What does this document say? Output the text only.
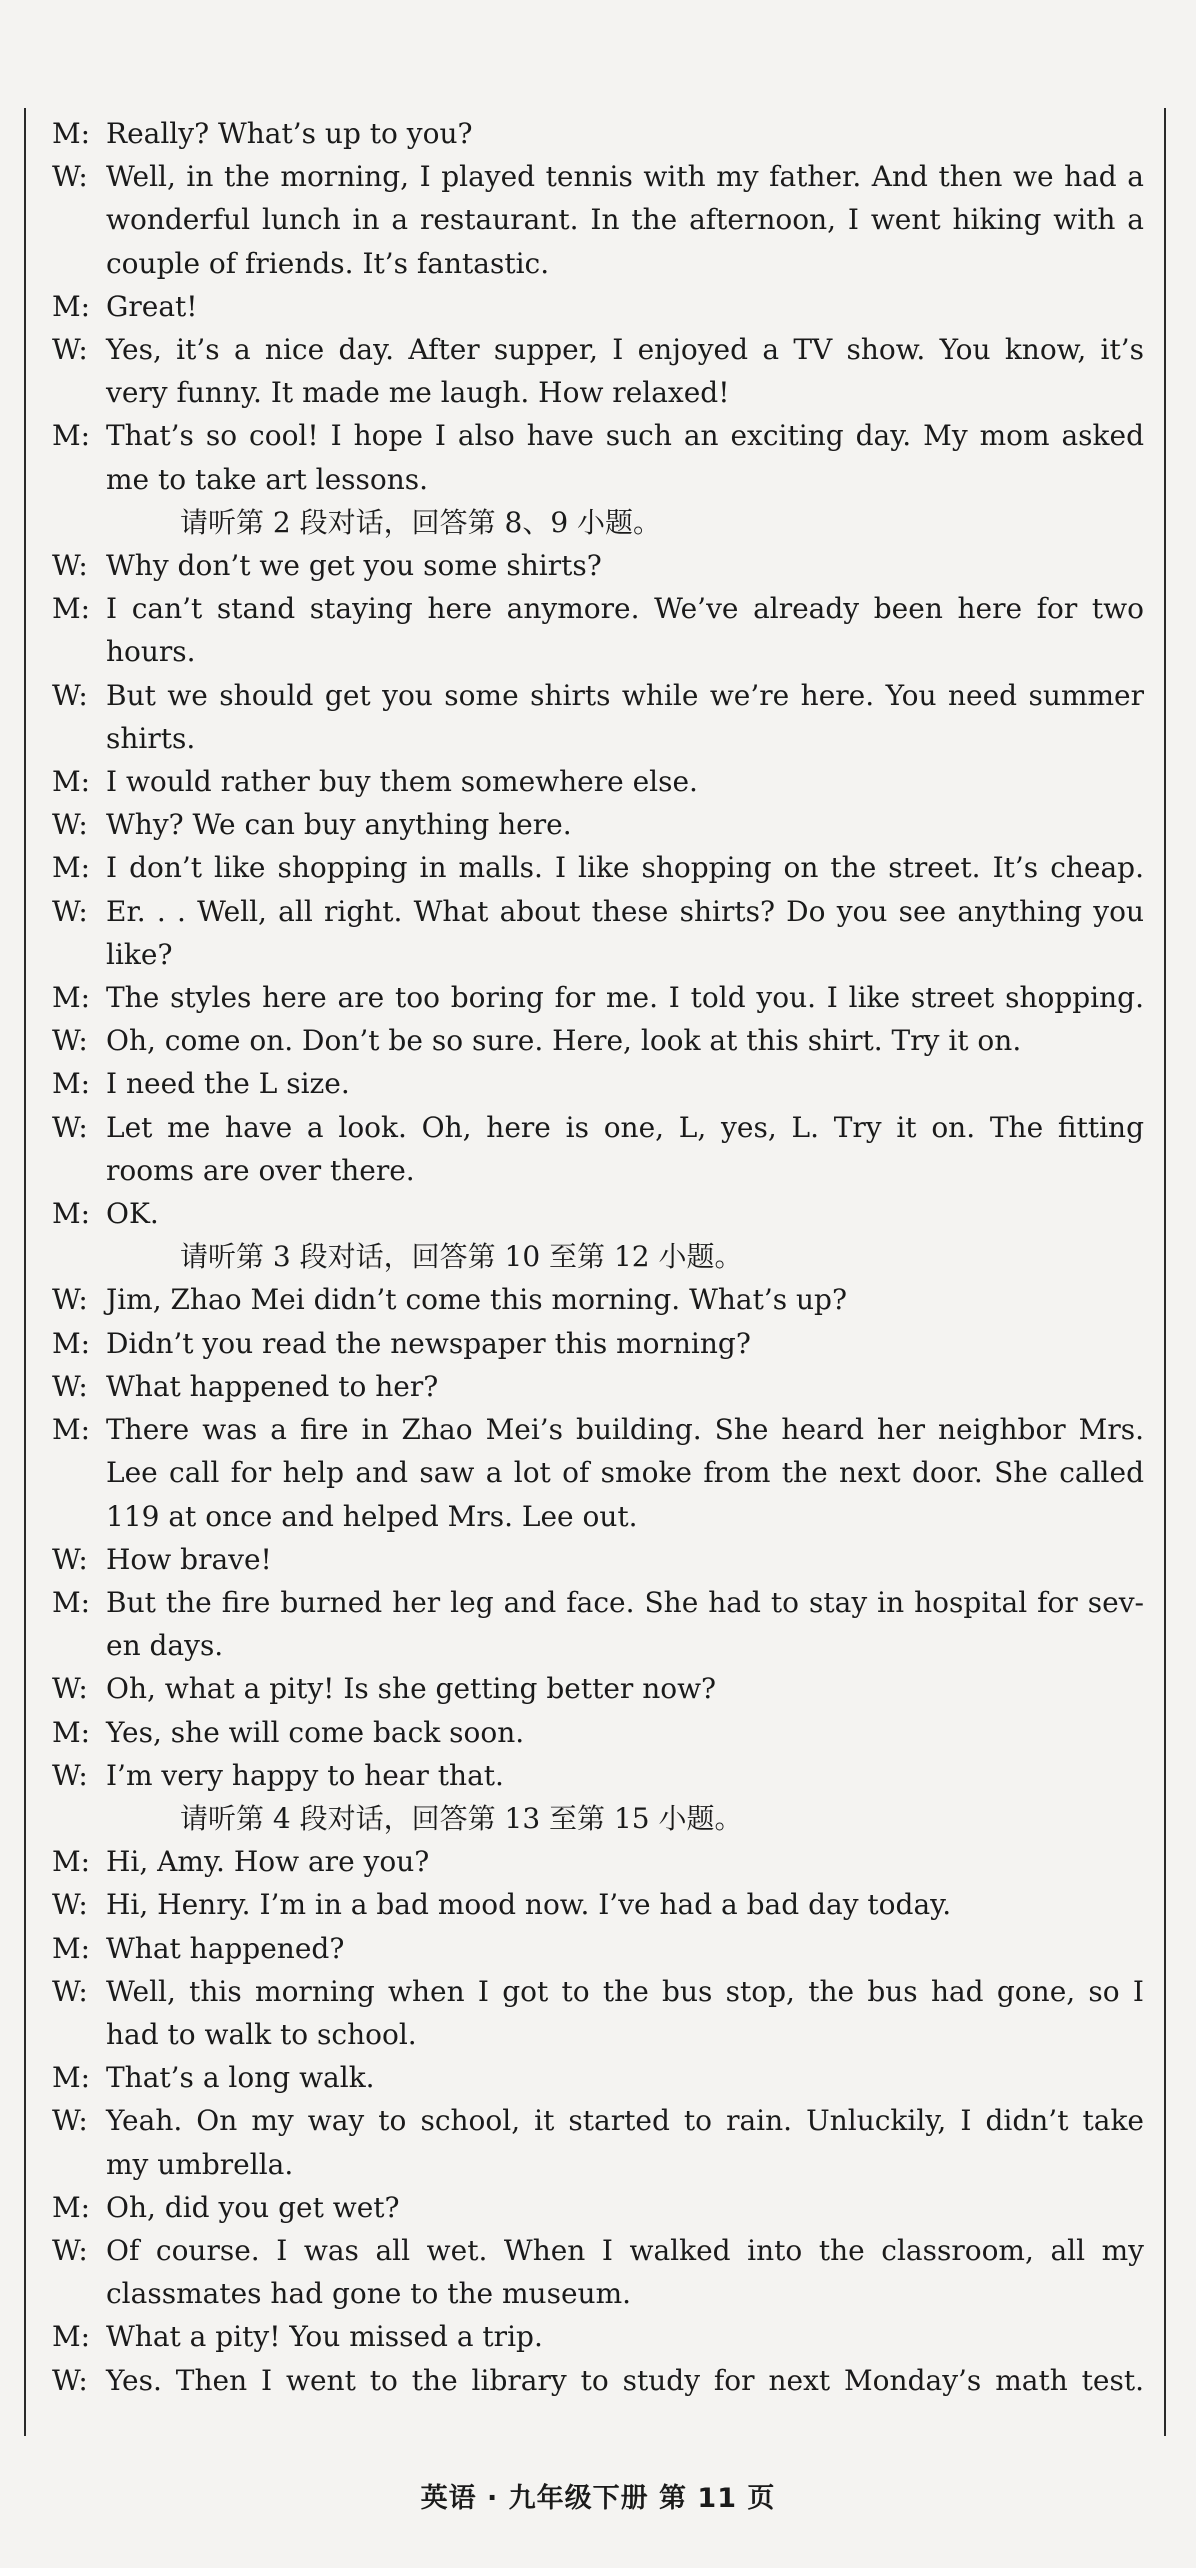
M: Really? What’s up to you?
W: Well, in the morning, I played tennis with my father. And then we had a
wonderful lunch in a restaurant. In the afternoon, I went hiking with a
couple of friends. It’s fantastic.
M: Great!
W: Yes, it’s a nice day. After supper, I enjoyed a TV show. You know, it’s
very funny. It made me laugh. How relaxed!
M: That’s so cool! I hope I also have such an exciting day. My mom asked
me to take art lessons.
请听第 2 段对话，回答第 8、9 小题。
W: Why don’t we get you some shirts?
M: I can’t stand staying here anymore. We’ve already been here for two
hours.
W: But we should get you some shirts while we’re here. You need summer
shirts.
M: I would rather buy them somewhere else.
W: Why? We can buy anything here.
M: I don’t like shopping in malls. I like shopping on the street. It’s cheap.
W: Er. . . Well, all right. What about these shirts? Do you see anything you
like?
M: The styles here are too boring for me. I told you. I like street shopping.
W: Oh, come on. Don’t be so sure. Here, look at this shirt. Try it on.
M: I need the L size.
W: Let me have a look. Oh, here is one, L, yes, L. Try it on. The fitting
rooms are over there.
M: OK.
请听第 3 段对话，回答第 10 至第 12 小题。
W: Jim, Zhao Mei didn’t come this morning. What’s up?
M: Didn’t you read the newspaper this morning?
W: What happened to her?
M: There was a fire in Zhao Mei’s building. She heard her neighbor Mrs.
Lee call for help and saw a lot of smoke from the next door. She called
119 at once and helped Mrs. Lee out.
W: How brave!
M: But the fire burned her leg and face. She had to stay in hospital for sev-
en days.
W: Oh, what a pity! Is she getting better now?
M: Yes, she will come back soon.
W: I’m very happy to hear that.
请听第 4 段对话，回答第 13 至第 15 小题。
M: Hi, Amy. How are you?
W: Hi, Henry. I’m in a bad mood now. I’ve had a bad day today.
M: What happened?
W: Well, this morning when I got to the bus stop, the bus had gone, so I
had to walk to school.
M: That’s a long walk.
W: Yeah. On my way to school, it started to rain. Unluckily, I didn’t take
my umbrella.
M: Oh, did you get wet?
W: Of course. I was all wet. When I walked into the classroom, all my
classmates had gone to the museum.
M: What a pity! You missed a trip.
W: Yes. Then I went to the library to study for next Monday’s math test.
英语 · 九年级下册 第 11 页
